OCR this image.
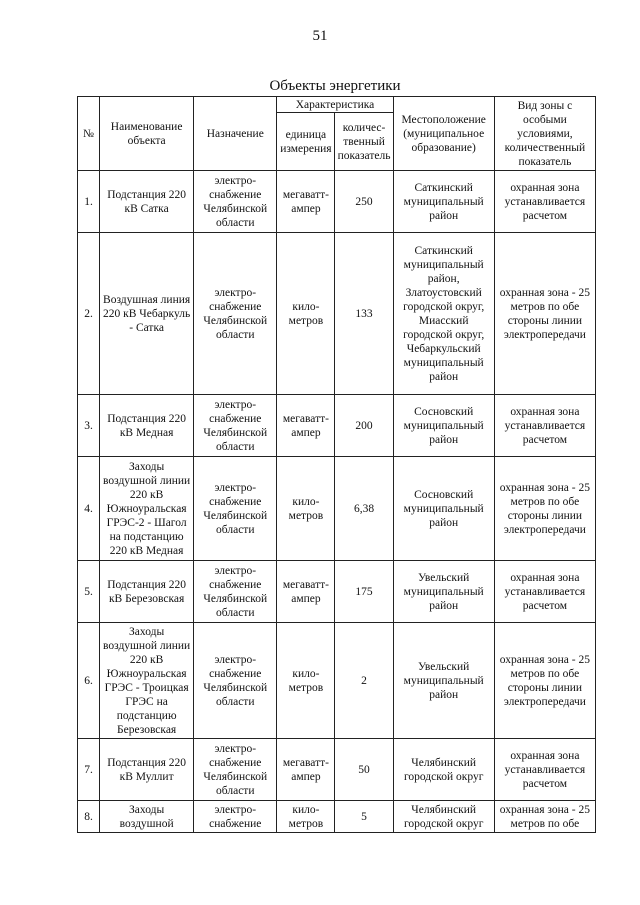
51
Объекты энергетики
№	Наименование объекта	Назначение	Характеристика		Местоположение (муниципальное образование)	Вид зоны с особыми условиями, количественный показатель
			единица измерения	количес-твенный показатель		
1.	Подстанция 220 кВ Сатка	электро-снабжение Челябинской области	мегаватт-ампер	250	Саткинский муниципальный район	охранная зона устанавливается расчетом
2.	Воздушная линия 220 кВ Чебаркуль - Сатка	электро-снабжение Челябинской области	кило-метров	133	Саткинский муниципальный район, Златоустовский городской округ, Миасский городской округ, Чебаркульский муниципальный район	охранная зона - 25 метров по обе стороны линии электропередачи
3.	Подстанция 220 кВ Медная	электро-снабжение Челябинской области	мегаватт-ампер	200	Сосновский муниципальный район	охранная зона устанавливается расчетом
4.	Заходы воздушной линии 220 кВ Южноуральская ГРЭС-2 - Шагол на подстанцию 220 кВ Медная	электро-снабжение Челябинской области	кило-метров	6,38	Сосновский муниципальный район	охранная зона - 25 метров по обе стороны линии электропередачи
5.	Подстанция 220 кВ Березовская	электро-снабжение Челябинской области	мегаватт-ампер	175	Увельский муниципальный район	охранная зона устанавливается расчетом
6.	Заходы воздушной линии 220 кВ Южноуральская ГРЭС - Троицкая ГРЭС на подстанцию Березовская	электро-снабжение Челябинской области	кило-метров	2	Увельский муниципальный район	охранная зона - 25 метров по обе стороны линии электропередачи
7.	Подстанция 220 кВ Муллит	электро-снабжение Челябинской области	мегаватт-ампер	50	Челябинский городской округ	охранная зона устанавливается расчетом
8.	Заходы воздушной	электро-снабжение	кило-метров	5	Челябинский городской округ	охранная зона - 25 метров по обе
